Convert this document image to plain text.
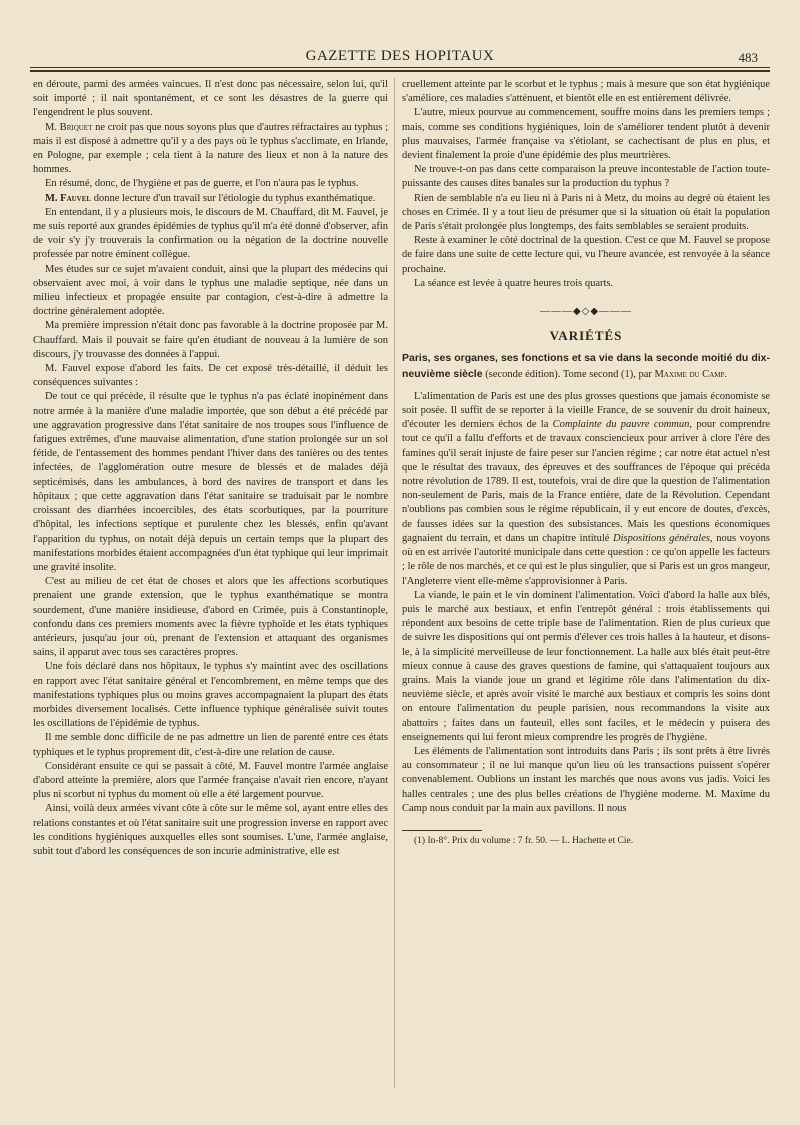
GAZETTE DES HOPITAUX	483

en déroute, parmi des armées vaincues. Il n'est donc pas nécessaire, selon lui, qu'il soit importé ; il nait spontanément, et ce sont les désastres de la guerre qui l'engendrent le plus souvent.

M. Briquet ne croit pas que nous soyons plus que d'autres réfractaires au typhus ; mais il est disposé à admettre qu'il y a des pays où le typhus s'acclimate, en Irlande, en Pologne, par exemple ; cela tient à la nature des lieux et non à la nature des hommes.

En résumé, donc, de l'hygiène et pas de guerre, et l'on n'aura pas le typhus.

M. Fauvel donne lecture d'un travail sur l'étiologie du typhus exanthématique.

En entendant, il y a plusieurs mois, le discours de M. Chauffard, dit M. Fauvel, je me suis reporté aux grandes épidémies de typhus qu'il m'a été donné d'observer, afin de voir s'y j'y trouverais la confirmation ou la négation de la doctrine nouvelle professée par notre éminent collègue.

Mes études sur ce sujet m'avaient conduit, ainsi que la plupart des médecins qui observaient avec moi, à voir dans le typhus une maladie septique, née dans un milieu infectieux et propagée ensuite par contagion, c'est-à-dire à admettre la doctrine généralement adoptée.

Ma première impression n'était donc pas favorable à la doctrine proposée par M. Chauffard. Mais il pouvait se faire qu'en étudiant de nouveau à la lumière de son discours, j'y trouvasse des données à l'appui.

M. Fauvel expose d'abord les faits. De cet exposé très-détaillé, il déduit les conséquences suivantes :

De tout ce qui précède, il résulte que le typhus n'a pas éclaté inopinément dans notre armée à la manière d'une maladie importée, que son début a été précédé par une aggravation progressive dans l'état sanitaire de nos troupes sous l'influence de fatigues extrêmes, d'une mauvaise alimentation, d'une station prolongée sur un sol fétide, de l'entassement des hommes pendant l'hiver dans des tanières ou des tentes infectées, de l'agglomération outre mesure de blessés et de malades déjà septicémisés, dans les ambulances, à bord des navires de transport et dans les hôpitaux ; que cette aggravation dans l'état sanitaire se traduisait par le nombre croissant des diarrhées incoercibles, des états scorbutiques, par la pourriture d'hôpital, les infections septique et purulente chez les blessés, enfin qu'avant l'apparition du typhus, on notait déjà depuis un certain temps que la plupart des manifestations morbides étaient accompagnées d'un état typhique qui leur imprimait une gravité insolite.

C'est au milieu de cet état de choses et alors que les affections scorbutiques prenaient une grande extension, que le typhus exanthématique se montra sourdement, d'une manière insidieuse, d'abord en Crimée, puis à Constantinople, confondu dans ces premiers moments avec la fièvre typhoïde et les états typhiques antérieurs, jusqu'au jour où, prenant de l'extension et attaquant des organismes sains, il apparut avec tous ses caractères propres.

Une fois déclaré dans nos hôpitaux, le typhus s'y maintint avec des oscillations en rapport avec l'état sanitaire général et l'encombrement, en même temps que des manifestations typhiques plus ou moins graves accompagnaient la plupart des états morbides diversement localisés. Cette influence typhique généralisée suivit toutes les oscillations de l'épidémie de typhus.

Il me semble donc difficile de ne pas admettre un lien de parenté entre ces états typhiques et le typhus proprement dit, c'est-à-dire une relation de cause.

Considérant ensuite ce qui se passait à côté, M. Fauvel montre l'armée anglaise d'abord atteinte la première, alors que l'armée française n'avait rien encore, n'ayant plus ni scorbut ni typhus du moment où elle a été largement pourvue.

Ainsi, voilà deux armées vivant côte à côte sur le même sol, ayant entre elles des relations constantes et où l'état sanitaire suit une progression inverse en rapport avec les conditions hygiéniques auxquelles elles sont soumises. L'une, l'armée anglaise, subit tout d'abord les conséquences de son incurie administrative, elle est

cruellement atteinte par le scorbut et le typhus ; mais à mesure que son état hygiénique s'améliore, ces maladies s'atténuent, et bientôt elle en est entièrement délivrée.

L'autre, mieux pourvue au commencement, souffre moins dans les premiers temps ; mais, comme ses conditions hygiéniques, loin de s'améliorer tendent plutôt à devenir plus mauvaises, l'armée française va s'étiolant, se cachectisant de plus en plus, et devient finalement la proie d'une épidémie des plus meurtrières.

Ne trouve-t-on pas dans cette comparaison la preuve incontestable de l'action toute-puissante des causes dites banales sur la production du typhus ?

Rien de semblable n'a eu lieu ni à Paris ni à Metz, du moins au degré où étaient les choses en Crimée. Il y a tout lieu de présumer que si la situation où était la population de Paris s'était prolongée plus longtemps, des faits semblables se seraient produits.

Reste à examiner le côté doctrinal de la question. C'est ce que M. Fauvel se propose de faire dans une suite de cette lecture qui, vu l'heure avancée, est renvoyée à la séance prochaine.

La séance est levée à quatre heures trois quarts.

———◆◇◆———
VARIÉTÉS

Paris, ses organes, ses fonctions et sa vie dans la seconde moitié du dix-neuvième siècle (seconde édition). Tome second (1), par Maxime du Camp.

L'alimentation de Paris est une des plus grosses questions que jamais économiste se soit posée. Il suffit de se reporter à la vieille France, de se souvenir du droit haineux, d'écouter les derniers échos de la Complainte du pauvre commun, pour comprendre tout ce qu'il a fallu d'efforts et de travaux consciencieux pour arriver à clore l'ère des famines qu'il serait injuste de faire peser sur l'ancien régime ; car notre état actuel n'est que le résultat des travaux, des épreuves et des souffrances de l'époque qui précéda notre révolution de 1789. Il est, toutefois, vrai de dire que la question de l'alimentation non-seulement de Paris, mais de la France entière, date de la Révolution. Cependant n'oublions pas combien sous le régime républicain, il y eut encore de doutes, d'excès, de fausses idées sur la question des subsistances. Mais les questions économiques gagnaient du terrain, et dans un chapitre intitulé Dispositions générales, nous voyons où en est arrivée l'autorité municipale dans cette question : ce qu'on appelle les facteurs ; le rôle de nos marchés, et ce qui est le plus singulier, que si Paris est un gros mangeur, l'Angleterre vient elle-même s'approvisionner à Paris.

La viande, le pain et le vin dominent l'alimentation. Voici d'abord la halle aux blés, puis le marché aux bestiaux, et enfin l'entrepôt général : trois établissements qui répondent aux besoins de cette triple base de l'alimentation. Rien de plus curieux que de suivre les dispositions qui ont permis d'élever ces trois halles à la hauteur, et disons-le, à la simplicité merveilleuse de leur fonctionnement. La halle aux blés était peut-être mieux connue à cause des graves questions de famine, qui s'attaquaient toujours aux grains. Mais la viande joue un grand et légitime rôle dans l'alimentation du dix-neuvième siècle, et après avoir visité le marché aux bestiaux et compris les soins dont on entoure l'alimentation du peuple parisien, nous recommandons la visite aux abattoirs ; faites dans un fauteuil, elles sont faciles, et le médecin y puisera des enseignements qui lui feront mieux comprendre les progrès de l'hygiène.

Les éléments de l'alimentation sont introduits dans Paris ; ils sont prêts à être livrés au consommateur ; il ne lui manque qu'un lieu où les transactions puissent s'opérer convenablement. Oublions un instant les marchés que nous avons vus jadis. Voici les halles centrales ; une des plus belles créations de l'hygiène moderne. M. Maxime du Camp nous conduit par la main aux pavillons. Il nous

(1) In-8°. Prix du volume : 7 fr. 50. — L. Hachette et Cie.
